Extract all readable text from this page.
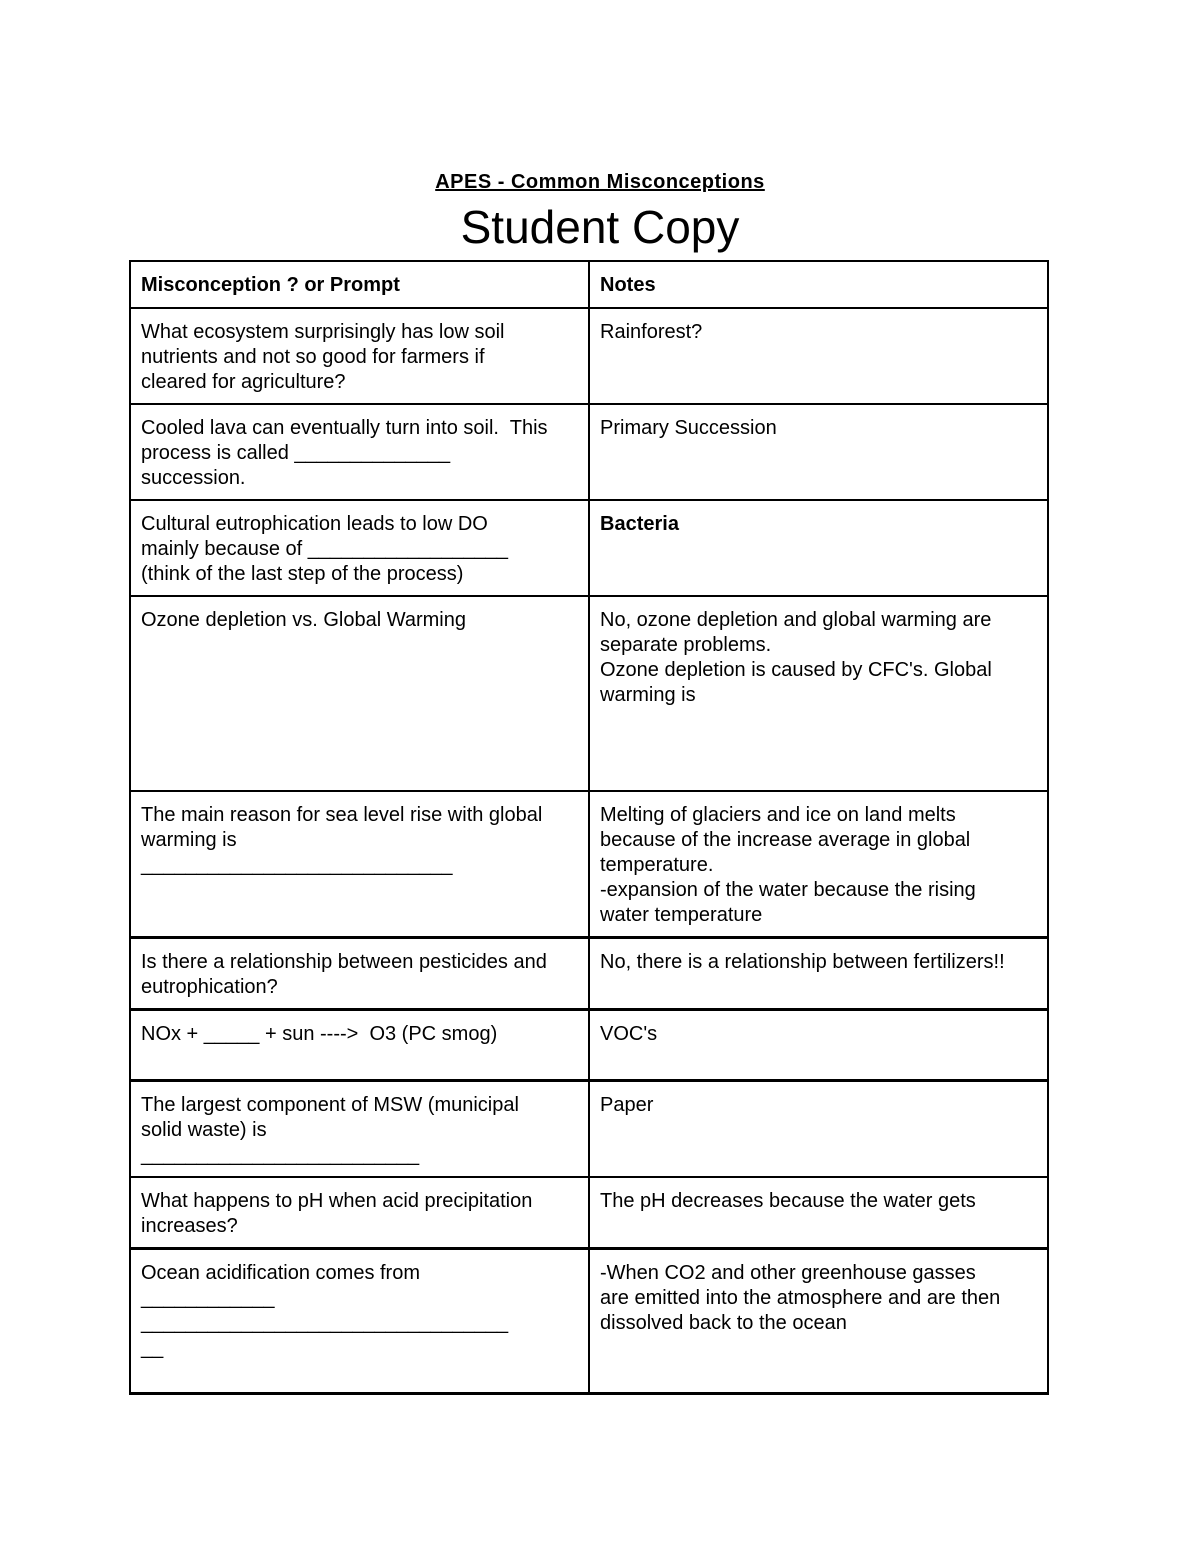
APES - Common Misconceptions
Student Copy
Misconception ? or Prompt	Notes

What ecosystem surprisingly has low soil
nutrients and not so good for farmers if
cleared for agriculture?	Rainforest?

Cooled lava can eventually turn into soil.  This
process is called ______________
succession.	Primary Succession

Cultural eutrophication leads to low DO
mainly because of __________________
(think of the last step of the process)	Bacteria

Ozone depletion vs. Global Warming	No, ozone depletion and global warming are
separate problems.
Ozone depletion is caused by CFC's. Global
warming is

The main reason for sea level rise with global
warming is
____________________________	Melting of glaciers and ice on land melts
because of the increase average in global
temperature.
-expansion of the water because the rising
water temperature

Is there a relationship between pesticides and
eutrophication?	No, there is a relationship between fertilizers!!

NOx + _____ + sun ---->  O3 (PC smog)	VOC's

The largest component of MSW (municipal
solid waste) is
_________________________	Paper

What happens to pH when acid precipitation
increases?	The pH decreases because the water gets

Ocean acidification comes from
____________
_________________________________
__	-When CO2 and other greenhouse gasses
are emitted into the atmosphere and are then
dissolved back to the ocean
